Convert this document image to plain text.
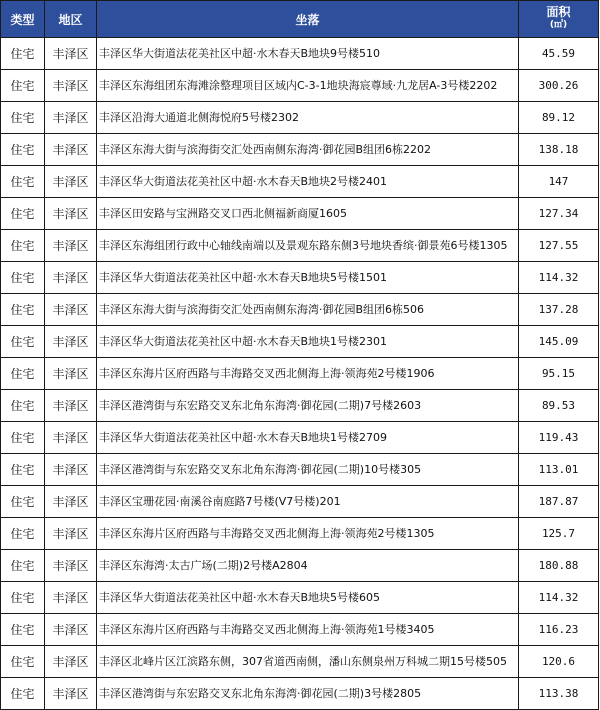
类型	地区	坐落	面积
(㎡)

住宅	丰泽区	丰泽区华大街道法花美社区中超·水木春天B地块9号楼510	45.59
住宅	丰泽区	丰泽区东海组团东海滩涂整理项目区域内C-3-1地块海宸尊域·九龙居A-3号楼2202	300.26
住宅	丰泽区	丰泽区沿海大通道北侧海悦府5号楼2302	89.12
住宅	丰泽区	丰泽区东海大街与滨海街交汇处西南侧东海湾·御花园B组团6栋2202	138.18
住宅	丰泽区	丰泽区华大街道法花美社区中超·水木春天B地块2号楼2401	147
住宅	丰泽区	丰泽区田安路与宝洲路交叉口西北侧福新商厦1605	127.34
住宅	丰泽区	丰泽区东海组团行政中心轴线南端以及景观东路东侧3号地块香缤·御景苑6号楼1305	127.55
住宅	丰泽区	丰泽区华大街道法花美社区中超·水木春天B地块5号楼1501	114.32
住宅	丰泽区	丰泽区东海大街与滨海街交汇处西南侧东海湾·御花园B组团6栋506	137.28
住宅	丰泽区	丰泽区华大街道法花美社区中超·水木春天B地块1号楼2301	145.09
住宅	丰泽区	丰泽区东海片区府西路与丰海路交叉西北侧海上海·领海苑2号楼1906	95.15
住宅	丰泽区	丰泽区港湾街与东宏路交叉东北角东海湾·御花园(二期)7号楼2603	89.53
住宅	丰泽区	丰泽区华大街道法花美社区中超·水木春天B地块1号楼2709	119.43
住宅	丰泽区	丰泽区港湾街与东宏路交叉东北角东海湾·御花园(二期)10号楼305	113.01
住宅	丰泽区	丰泽区宝珊花园·南溪谷南庭路7号楼(V7号楼)201	187.87
住宅	丰泽区	丰泽区东海片区府西路与丰海路交叉西北侧海上海·领海苑2号楼1305	125.7
住宅	丰泽区	丰泽区东海湾·太古广场(二期)2号楼A2804	180.88
住宅	丰泽区	丰泽区华大街道法花美社区中超·水木春天B地块5号楼605	114.32
住宅	丰泽区	丰泽区东海片区府西路与丰海路交叉西北侧海上海·领海苑1号楼3405	116.23
住宅	丰泽区	丰泽区北峰片区江滨路东侧，307省道西南侧，潘山东侧泉州万科城二期15号楼505	120.6
住宅	丰泽区	丰泽区港湾街与东宏路交叉东北角东海湾·御花园(二期)3号楼2805	113.38
